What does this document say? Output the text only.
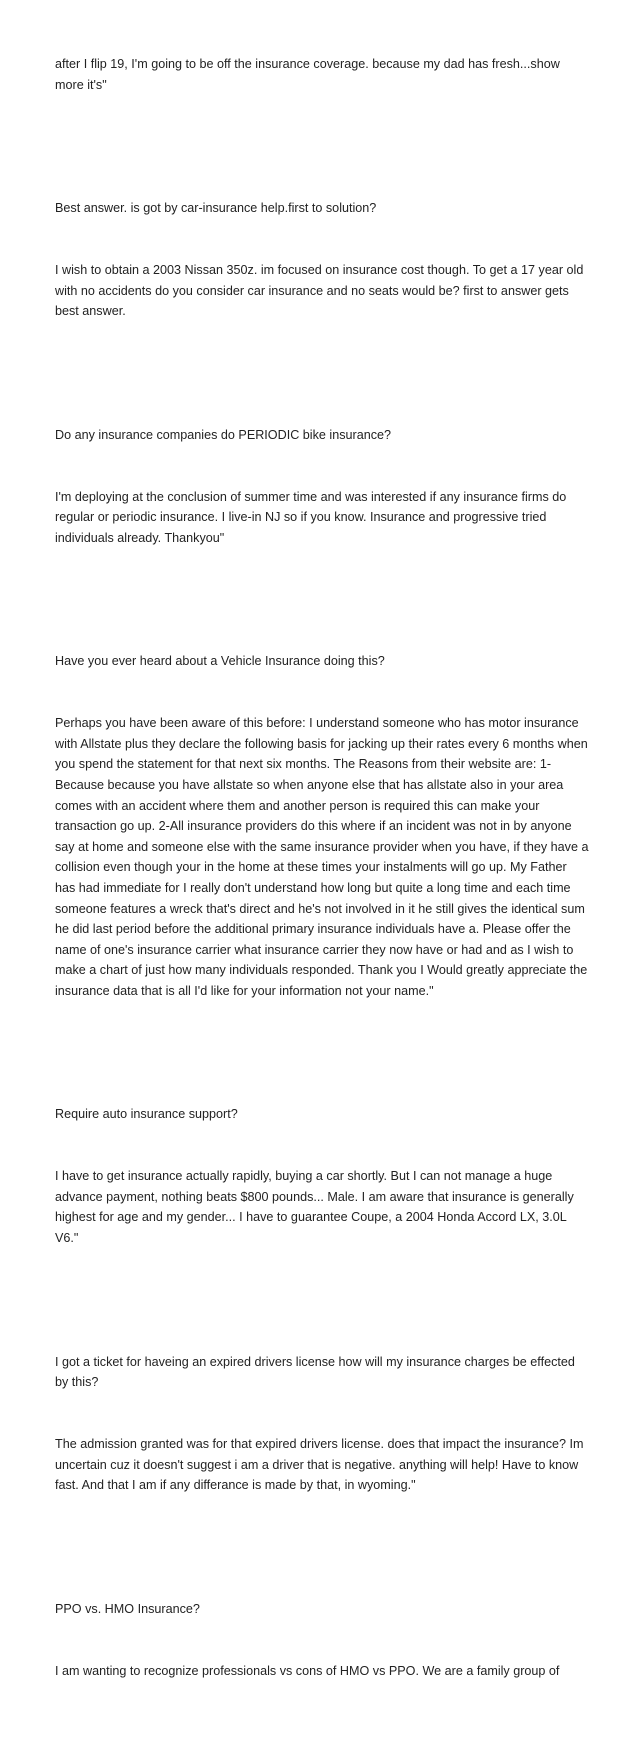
after I flip 19, I'm going to be off the insurance coverage. because my dad has fresh...show more it's"

Best answer. is got by car-insurance help.first to solution?

I wish to obtain a 2003 Nissan 350z. im focused on insurance cost though. To get a 17 year old with no accidents do you consider car insurance and no seats would be? first to answer gets best answer.

Do any insurance companies do PERIODIC bike insurance?

I'm deploying at the conclusion of summer time and was interested if any insurance firms do regular or periodic insurance. I live-in NJ so if you know. Insurance and progressive tried individuals already. Thankyou"

Have you ever heard about a Vehicle Insurance doing this?

Perhaps you have been aware of this before: I understand someone who has motor insurance with Allstate plus they declare the following basis for jacking up their rates every 6 months when you spend the statement for that next six months. The Reasons from their website are: 1- Because because you have allstate so when anyone else that has allstate also in your area comes with an accident where them and another person is required this can make your transaction go up. 2-All insurance providers do this where if an incident was not in by anyone say at home and someone else with the same insurance provider when you have, if they have a collision even though your in the home at these times your instalments will go up. My Father has had immediate for I really don't understand how long but quite a long time and each time someone features a wreck that's direct and he's not involved in it he still gives the identical sum he did last period before the additional primary insurance individuals have a. Please offer the name of one's insurance carrier what insurance carrier they now have or had and as I wish to make a chart of just how many individuals responded. Thank you I Would greatly appreciate the insurance data that is all I'd like for your information not your name."

Require auto insurance support?

I have to get insurance actually rapidly, buying a car shortly. But I can not manage a huge advance payment, nothing beats $800 pounds... Male. I am aware that insurance is generally highest for age and my gender... I have to guarantee Coupe, a 2004 Honda Accord LX, 3.0L V6."

I got a ticket for haveing an expired drivers license how will my insurance charges be effected by this?

The admission granted was for that expired drivers license. does that impact the insurance? Im uncertain cuz it doesn't suggest i am a driver that is negative. anything will help! Have to know fast. And that I am if any differance is made by that, in wyoming."

PPO vs. HMO Insurance?

I am wanting to recognize professionals vs cons of HMO vs PPO. We are a family group of
